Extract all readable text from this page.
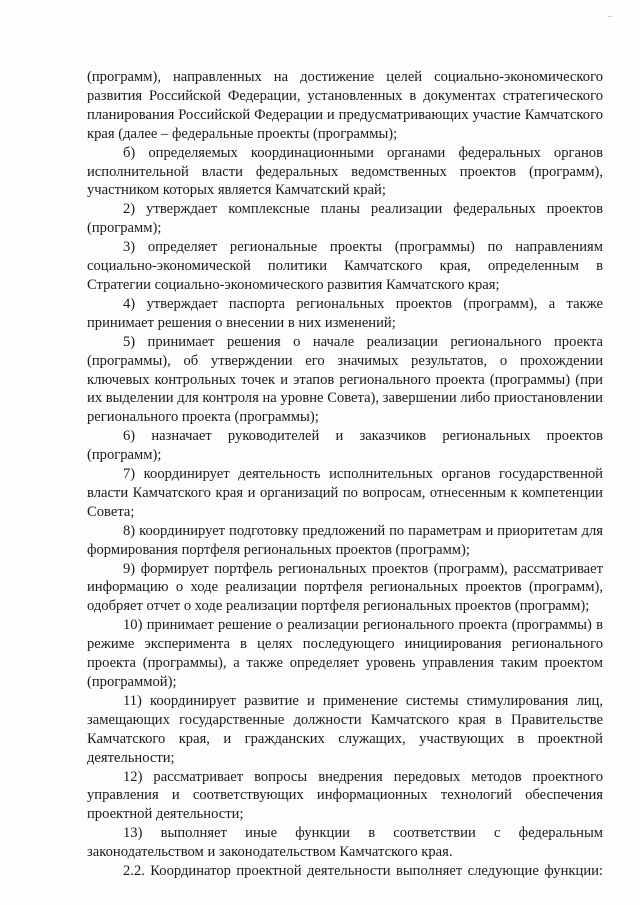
(программ), направленных на достижение целей социально-экономического развития Российской Федерации, установленных в документах стратегического планирования Российской Федерации и предусматривающих участие Камчатского края (далее – федеральные проекты (программы);

б) определяемых координационными органами федеральных органов исполнительной власти федеральных ведомственных проектов (программ), участником которых является Камчатский край;

2) утверждает комплексные планы реализации федеральных проектов (программ);

3) определяет региональные проекты (программы) по направлениям социально-экономической политики Камчатского края, определенным в Стратегии социально-экономического развития Камчатского края;

4) утверждает паспорта региональных проектов (программ), а также принимает решения о внесении в них изменений;

5) принимает решения о начале реализации регионального проекта (программы), об утверждении его значимых результатов, о прохождении ключевых контрольных точек и этапов регионального проекта (программы) (при их выделении для контроля на уровне Совета), завершении либо приостановлении регионального проекта (программы);

6) назначает руководителей и заказчиков региональных проектов (программ);

7) координирует деятельность исполнительных органов государственной власти Камчатского края и организаций по вопросам, отнесенным к компетенции Совета;

8) координирует подготовку предложений по параметрам и приоритетам для формирования портфеля региональных проектов (программ);

9) формирует портфель региональных проектов (программ), рассматривает информацию о ходе реализации портфеля региональных проектов (программ), одобряет отчет о ходе реализации портфеля региональных проектов (программ);

10) принимает решение о реализации регионального проекта (программы) в режиме эксперимента в целях последующего инициирования регионального проекта (программы), а также определяет уровень управления таким проектом (программой);

11) координирует развитие и применение системы стимулирования лиц, замещающих государственные должности Камчатского края в Правительстве Камчатского края, и гражданских служащих, участвующих в проектной деятельности;

12) рассматривает вопросы внедрения передовых методов проектного управления и соответствующих информационных технологий обеспечения проектной деятельности;

13) выполняет иные функции в соответствии с федеральным законодательством и законодательством Камчатского края.

2.2. Координатор проектной деятельности выполняет следующие функции:
